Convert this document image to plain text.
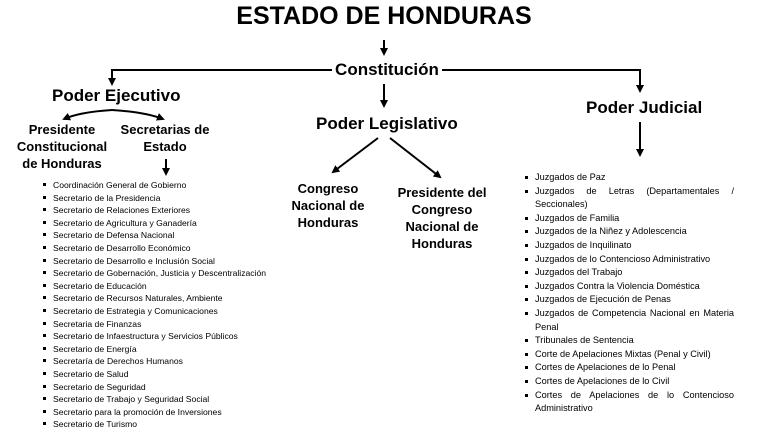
ESTADO DE HONDURAS
Constitución
Poder Ejecutivo
Presidente Constitucional de Honduras
Secretarias de Estado
Coordinación General de Gobierno
Secretario de la Presidencia
Secretario de Relaciones Exteriores
Secretario de Agricultura y Ganadería
Secretario de Defensa Nacional
Secretario de Desarrollo Económico
Secretario de Desarrollo e Inclusión Social
Secretario de Gobernación, Justicia y Descentralización
Secretario de Educación
Secretario de Recursos Naturales, Ambiente
Secretario de Estrategia y Comunicaciones
Secretaria de Finanzas
Secretario de Infaestructura y Servicios Públicos
Secretario de Energía
Secretaría de Derechos Humanos
Secretario de Salud
Secretario de Seguridad
Secretario de Trabajo y Seguridad Social
Secretario para la promoción de Inversiones
Secretario de Turismo
Poder Legislativo
Congreso Nacional de Honduras
Presidente del Congreso Nacional de Honduras
Poder Judicial
Juzgados de Paz
Juzgados de Letras (Departamentales / Seccionales)
Juzgados de Familia
Juzgados de la Niñez y Adolescencia
Juzgados de Inquilinato
Juzgados de lo Contencioso Administrativo
Juzgados del Trabajo
Juzgados Contra la Violencia Doméstica
Juzgados de Ejecución de Penas
Juzgados de Competencia Nacional en Materia Penal
Tribunales de Sentencia
Corte de Apelaciones Mixtas (Penal y Civil)
Cortes de Apelaciones de lo Penal
Cortes de Apelaciones de lo Civil
Cortes de Apelaciones de lo Contencioso Administrativo
